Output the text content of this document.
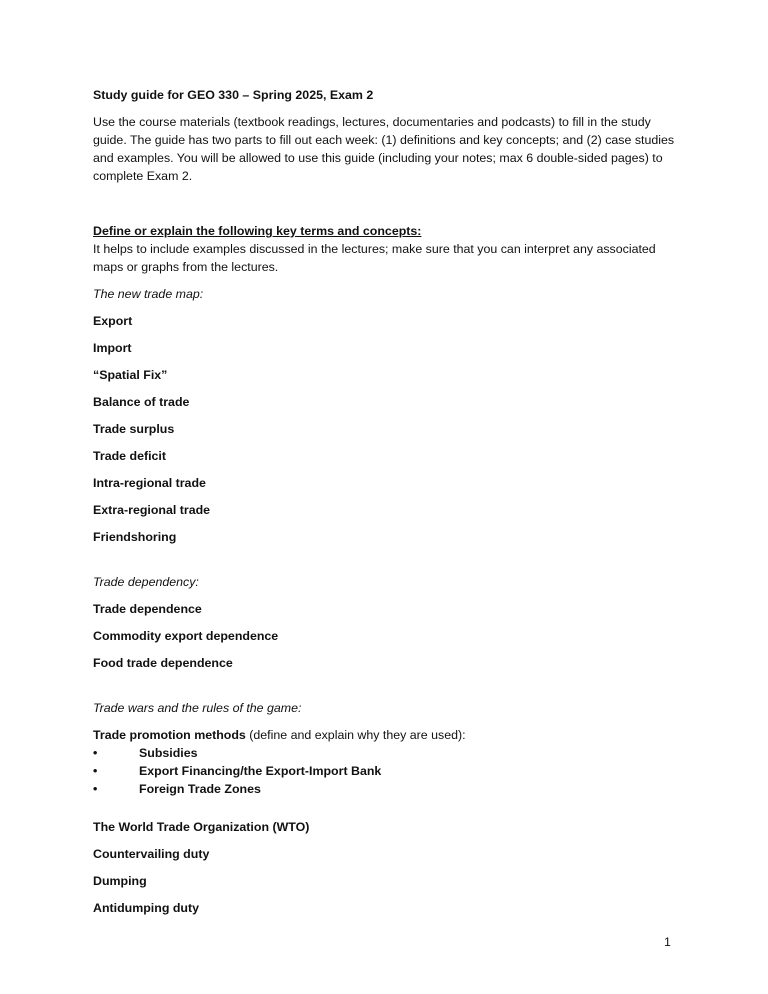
Study guide for GEO 330 – Spring 2025, Exam 2

Use the course materials (textbook readings, lectures, documentaries and podcasts) to fill in the study guide. The guide has two parts to fill out each week: (1) definitions and key concepts; and (2) case studies and examples. You will be allowed to use this guide (including your notes; max 6 double-sided pages) to complete Exam 2.

Define or explain the following key terms and concepts:

It helps to include examples discussed in the lectures; make sure that you can interpret any associated maps or graphs from the lectures.

The new trade map:

Export

Import

“Spatial Fix”

Balance of trade

Trade surplus

Trade deficit

Intra-regional trade

Extra-regional trade

Friendshoring

Trade dependency:

Trade dependence

Commodity export dependence

Food trade dependence

Trade wars and the rules of the game:

Trade promotion methods (define and explain why they are used):

•	Subsidies
•	Export Financing/the Export-Import Bank
•	Foreign Trade Zones

The World Trade Organization (WTO)

Countervailing duty

Dumping

Antidumping duty

1
